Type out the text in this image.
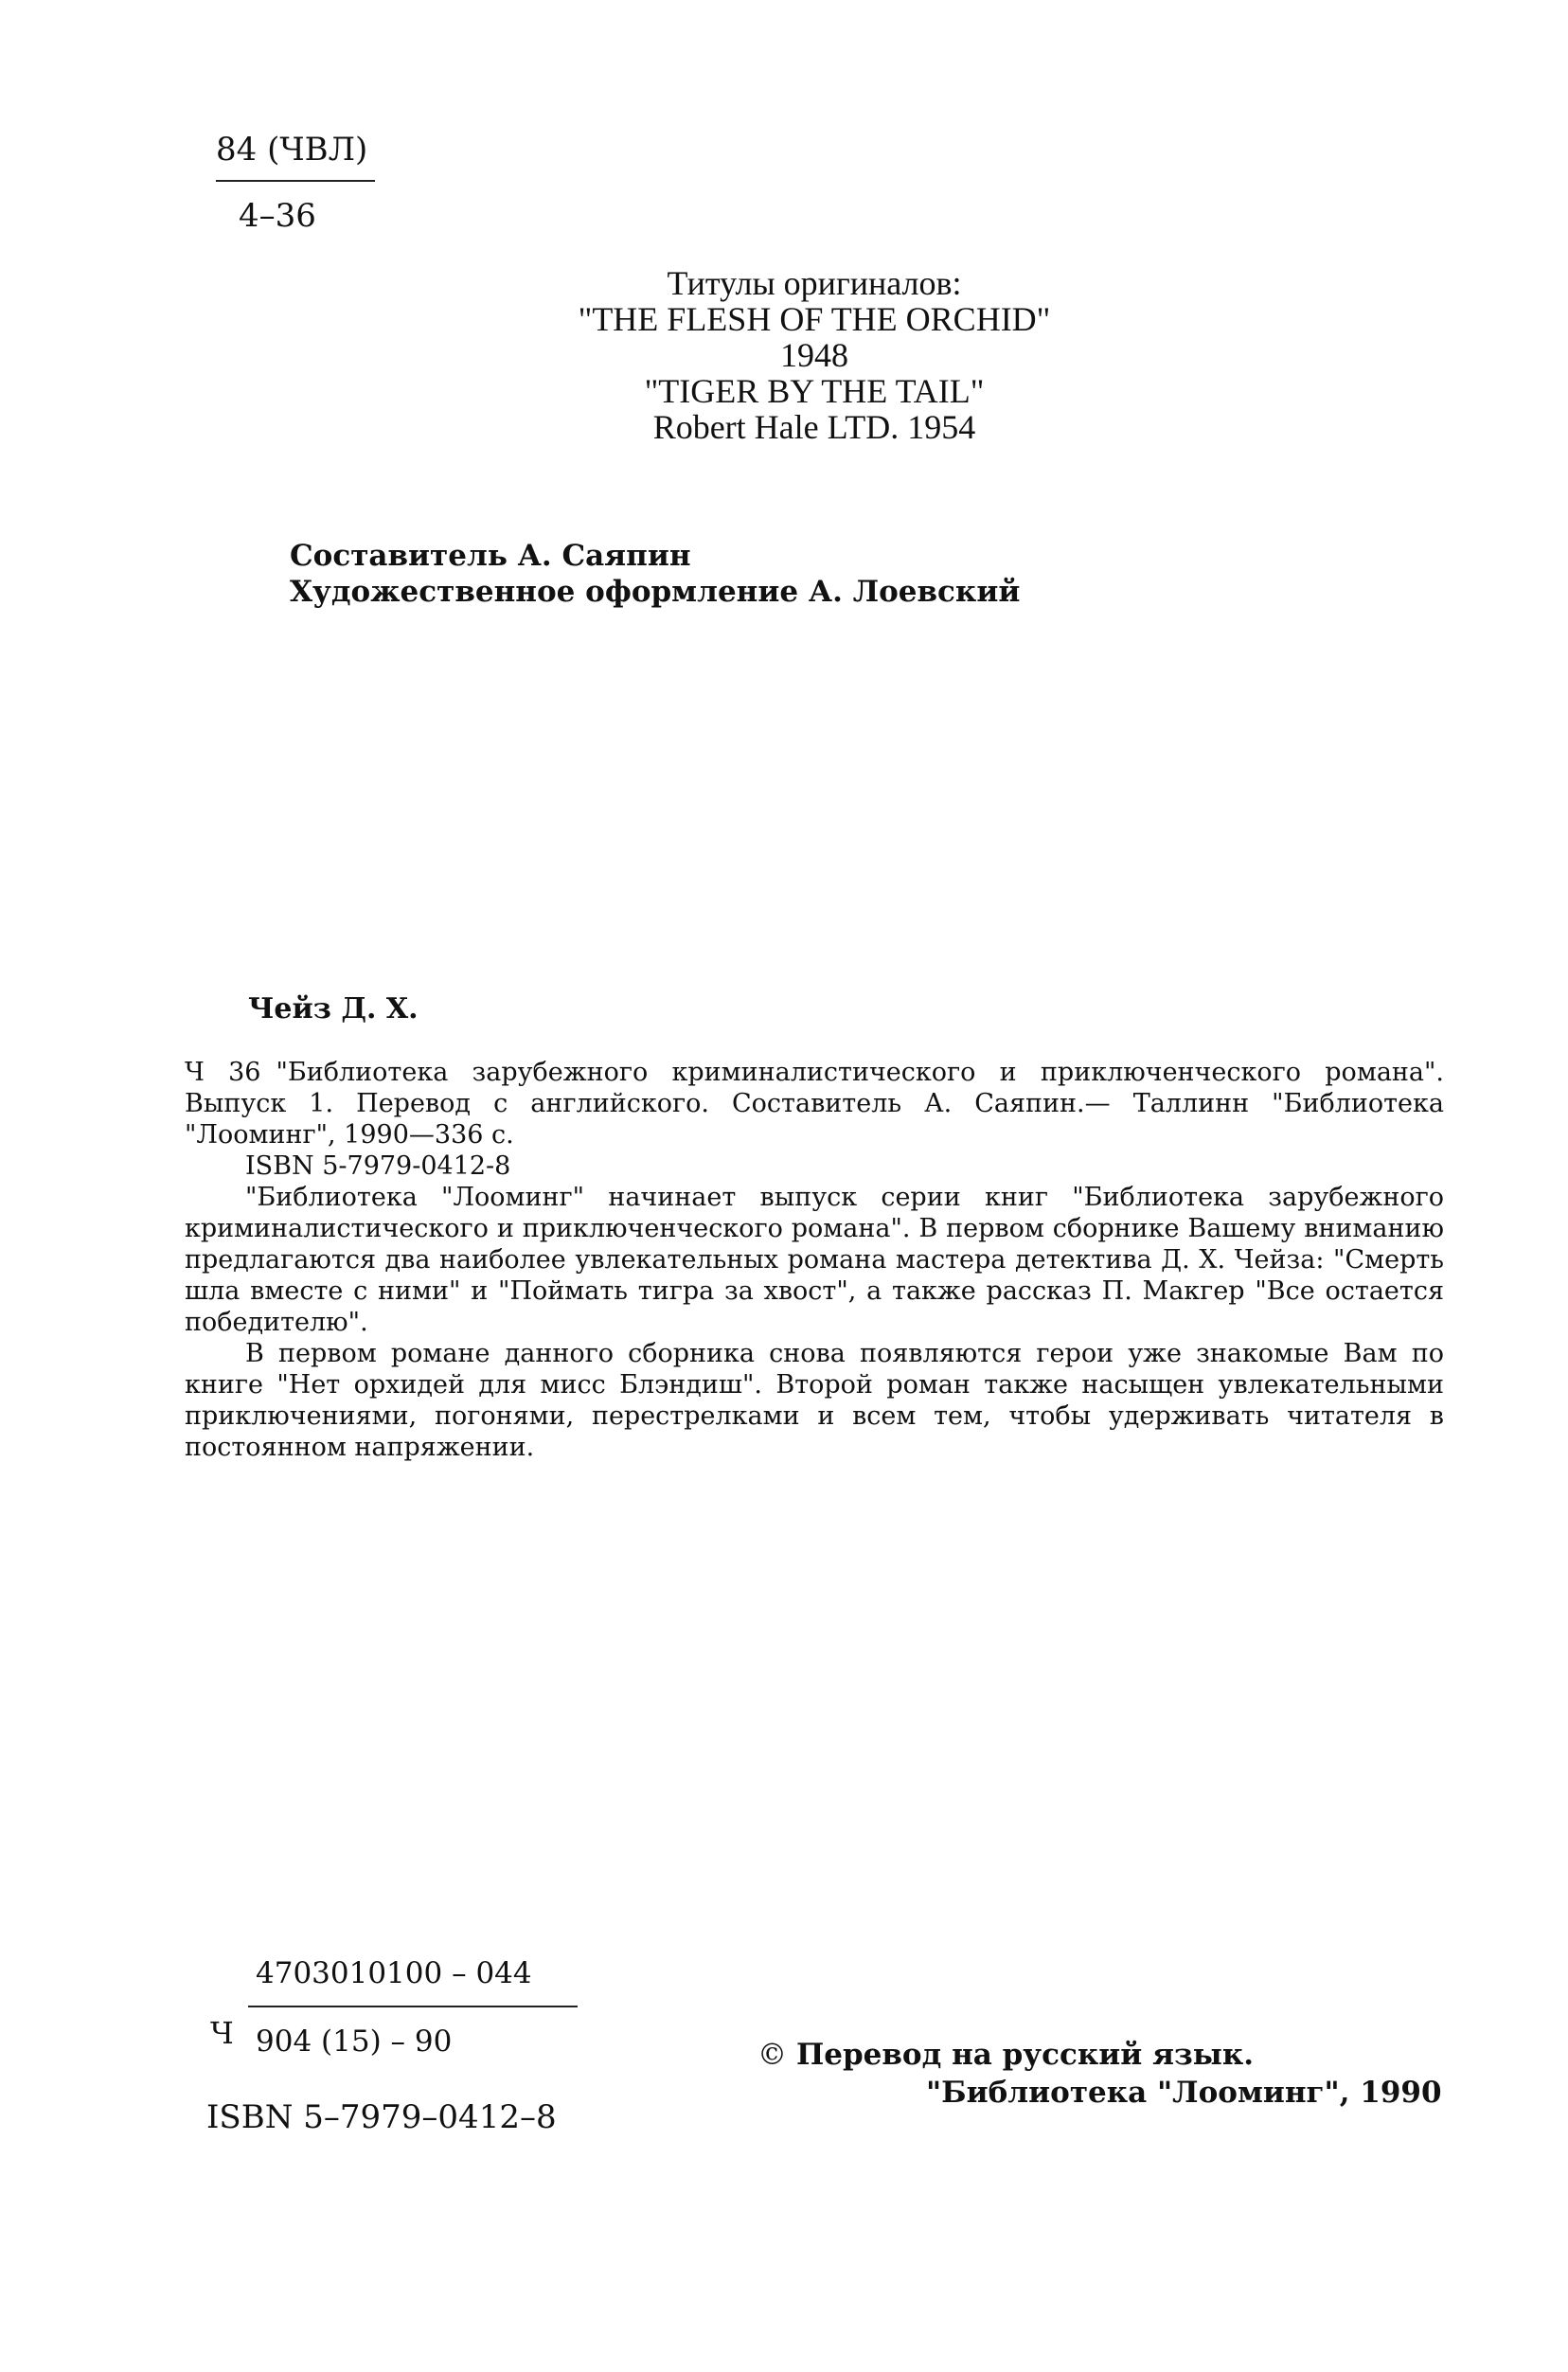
84 (ЧВЛ)
4–36
Титулы оригиналов:
"THE FLESH OF THE ORCHID"
1948
"TIGER BY THE TAIL"
Robert Hale LTD. 1954
Составитель А. Саяпин
Художественное оформление А. Лоевский
Чейз Д. Х.

Ч 36 "Библиотека зарубежного криминалистического и приключенческого романа". Выпуск 1. Перевод с английского. Составитель А. Саяпин.— Таллинн "Библиотека "Лооминг", 1990—336 с.

ISBN 5-7979-0412-8

"Библиотека "Лооминг" начинает выпуск серии книг "Библиотека зарубежного криминалистического и приключенческого романа". В первом сборнике Вашему вниманию предлагаются два наиболее увлекательных романа мастера детектива Д. Х. Чейза: "Смерть шла вместе с ними" и "Поймать тигра за хвост", а также рассказ П. Макгер "Все остается победителю".

В первом романе данного сборника снова появляются герои уже знакомые Вам по книге "Нет орхидей для мисс Блэндиш". Второй роман также насыщен увлекательными приключениями, погонями, перестрелками и всем тем, чтобы удерживать читателя в постоянном напряжении.

Ч
4703010100 – 044
904 (15) – 90
ISBN 5–7979–0412–8
© Перевод на русский язык.
"Библиотека "Лооминг", 1990
